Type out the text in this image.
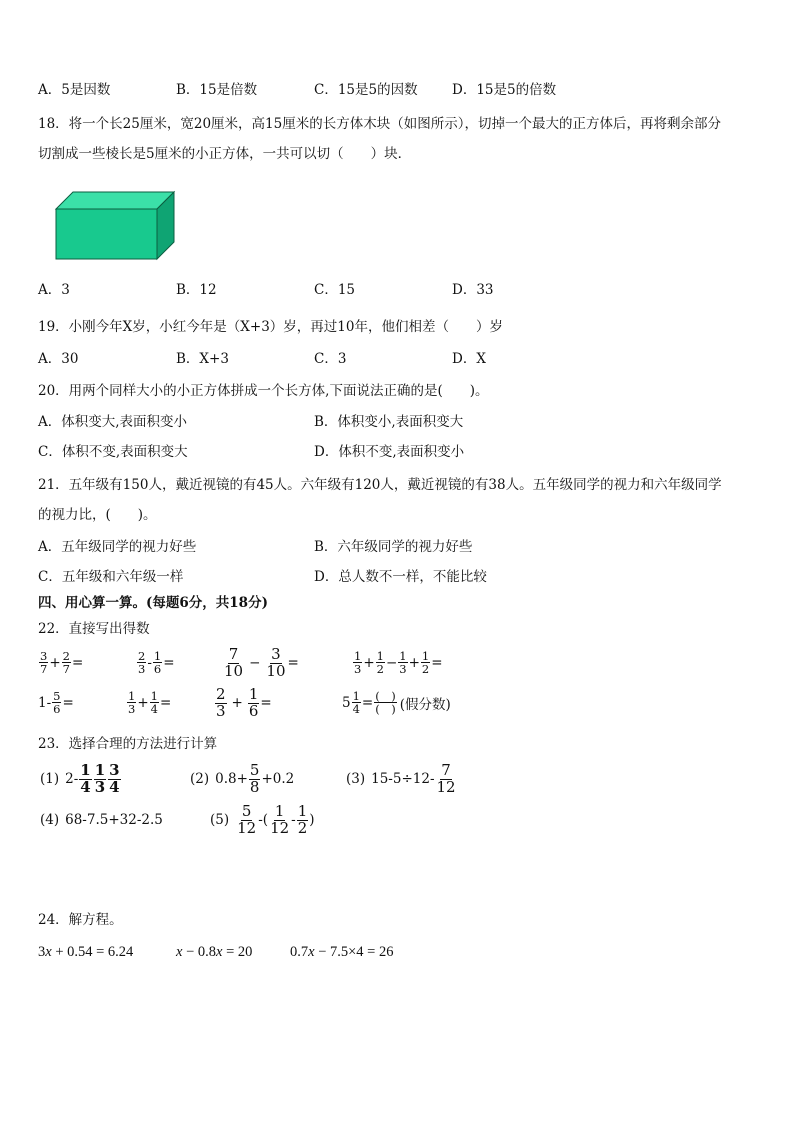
A．5是因数	B．15是倍数	C．15是5的因数	D．15是5的倍数
18．将一个长25厘米，宽20厘米，高15厘米的长方体木块（如图所示），切掉一个最大的正方体后，再将剩余部分
切割成一些棱长是5厘米的小正方体，一共可以切（　　）块．
A．3	B．12	C．15	D．33
19．小刚今年X岁，小红今年是（X+3）岁，再过10年，他们相差（　　）岁
A．30	B．X+3	C．3	D．X
20．用两个同样大小的小正方体拼成一个长方体,下面说法正确的是(　　)。
A．体积变大,表面积变小	B．体积变小,表面积变大
C．体积不变,表面积变大	D．体积不变,表面积变小
21．五年级有150人，戴近视镜的有45人。六年级有120人，戴近视镜的有38人。五年级同学的视力和六年级同学
的视力比，(　　)。
A．五年级同学的视力好些	B．六年级同学的视力好些
C．五年级和六年级一样	D．总人数不一样，不能比较
四、用心算一算。(每题6分，共18分)
22．直接写出得数
$\frac{3}{7} + \frac{2}{7}$ =	$\frac{2}{3} - \frac{1}{6}$ =	$\frac{7}{10} - \frac{3}{10}$ =	$\frac{1}{3} + \frac{1}{2} - \frac{1}{3} + \frac{1}{2}$ =
$1- \frac{5}{6}$ =	$\frac{1}{3} + \frac{1}{4}$ =	$\frac{2}{3} + \frac{1}{6}$ =	$5 \frac{1}{4} = \frac{( )}{( )}$ (假分数)
23．选择合理的方法进行计算
(1) $2- \frac{1}{4} \frac{1}{3} \frac{3}{4}$	(2) $0.8+ \frac{5}{8} +0.2$	(3) $15-5\div 12- \frac{7}{12}$
(4) 68-7.5+32-2.5	$(5) \frac{5}{12}$ -( $\frac{1}{12} - \frac{1}{2}$ )
24．解方程。
3 x + 0.54 = 6.24	x − 0.8 x = 20	0.7 x − 7.5×4 = 26
